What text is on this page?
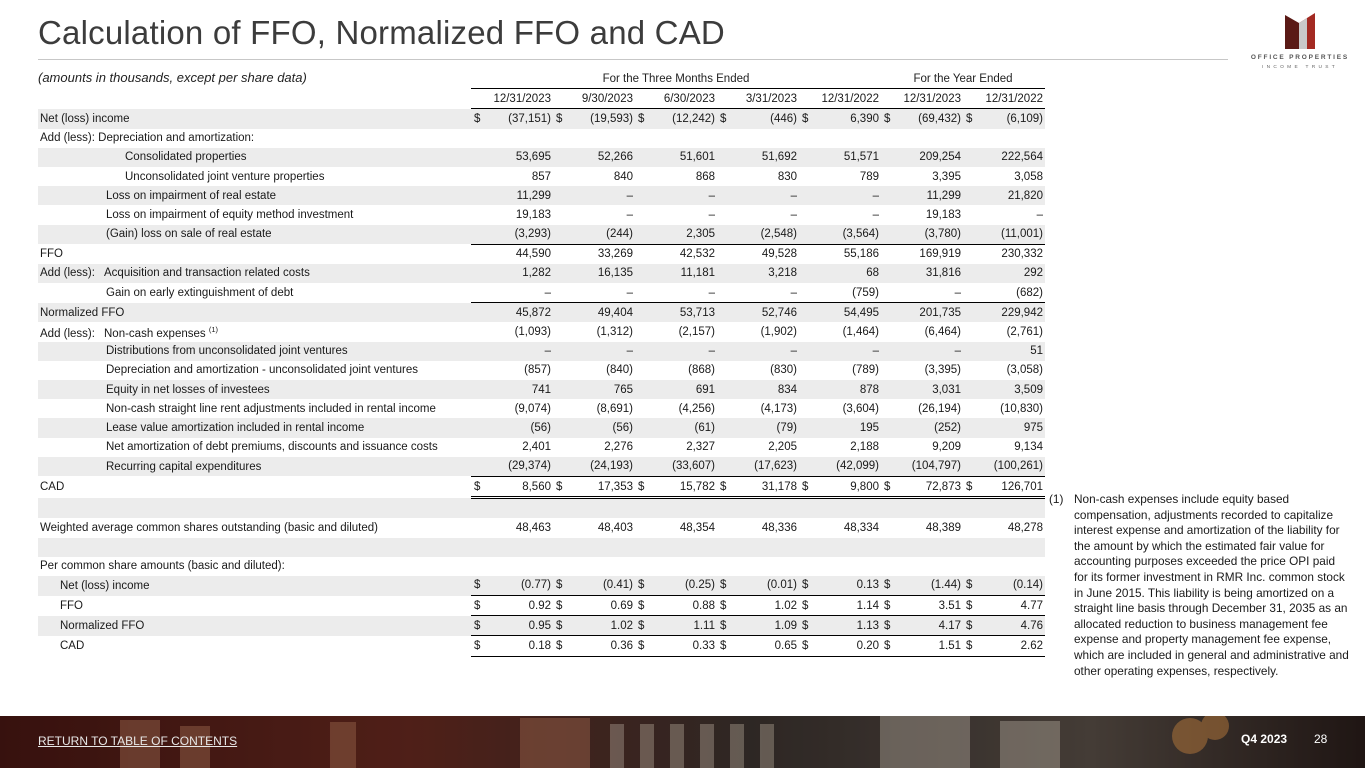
Calculation of FFO, Normalized FFO and CAD
OFFICE PROPERTIES
INCOME TRUST
(amounts in thousands, except per share data)
		For the Three Months Ended										For the Year Ended			
	12/31/2023		9/30/2023		6/30/2023		3/31/2023		12/31/2022		12/31/2023		12/31/2022	
Net (loss) income	$	(37,151)	$	(19,593)	$	(12,242)	$	(446)	$	6,390	$	(69,432)	$	(6,109)
Add (less): Depreciation and amortization:														
Consolidated properties		53,695		52,266		51,601		51,692		51,571		209,254		222,564
Unconsolidated joint venture properties		857		840		868		830		789		3,395		3,058
Loss on impairment of real estate		11,299		–		–		–		–		11,299		21,820
Loss on impairment of equity method investment		19,183		–		–		–		–		19,183		–
(Gain) loss on sale of real estate		(3,293)		(244)		2,305		(2,548)		(3,564)		(3,780)		(11,001)
FFO		44,590		33,269		42,532		49,528		55,186		169,919		230,332
Add (less): Acquisition and transaction related costs		1,282		16,135		11,181		3,218		68		31,816		292
Gain on early extinguishment of debt		–		–		–		–		(759)		–		(682)
Normalized FFO		45,872		49,404		53,713		52,746		54,495		201,735		229,942
Add (less): Non-cash expenses $^{(1)}$		(1,093)		(1,312)		(2,157)		(1,902)		(1,464)		(6,464)		(2,761)
Distributions from unconsolidated joint ventures		–		–		–		–		–		–		51
Depreciation and amortization - unconsolidated joint ventures		(857)		(840)		(868)		(830)		(789)		(3,395)		(3,058)
Equity in net losses of investees		741		765		691		834		878		3,031		3,509
Non-cash straight line rent adjustments included in rental income		(9,074)		(8,691)		(4,256)		(4,173)		(3,604)		(26,194)		(10,830)
Lease value amortization included in rental income		(56)		(56)		(61)		(79)		195		(252)		975
Net amortization of debt premiums, discounts and issuance costs		2,401		2,276		2,327		2,205		2,188		9,209		9,134
Recurring capital expenditures		(29,374)		(24,193)		(33,607)		(17,623)		(42,099)		(104,797)		(100,261)
CAD	$	8,560	$	17,353	$	15,782	$	31,178	$	9,800	$	72,873	$	126,701

Weighted average common shares outstanding (basic and diluted)		48,463		48,403		48,354		48,336		48,334		48,389		48,278

Per common share amounts (basic and diluted):														
Net (loss) income	$	(0.77)	$	(0.41)	$	(0.25)	$	(0.01)	$	0.13	$	(1.44)	$	(0.14)
FFO	$	0.92	$	0.69	$	0.88	$	1.02	$	1.14	$	3.51	$	4.77
Normalized FFO	$	0.95	$	1.02	$	1.11	$	1.09	$	1.13	$	4.17	$	4.76
CAD	$	0.18	$	0.36	$	0.33	$	0.65	$	0.20	$	1.51	$	2.62
(1) Non-cash expenses include equity based compensation, adjustments recorded to capitalize interest expense and amortization of the liability for the amount by which the estimated fair value for accounting purposes exceeded the price OPI paid for its former investment in RMR Inc. common stock in June 2015. This liability is being amortized on a straight line basis through December 31, 2035 as an allocated reduction to business management fee expense and property management fee expense, which are included in general and administrative and other operating expenses, respectively.
RETURN TO TABLE OF CONTENTS	Q4 2023 28
